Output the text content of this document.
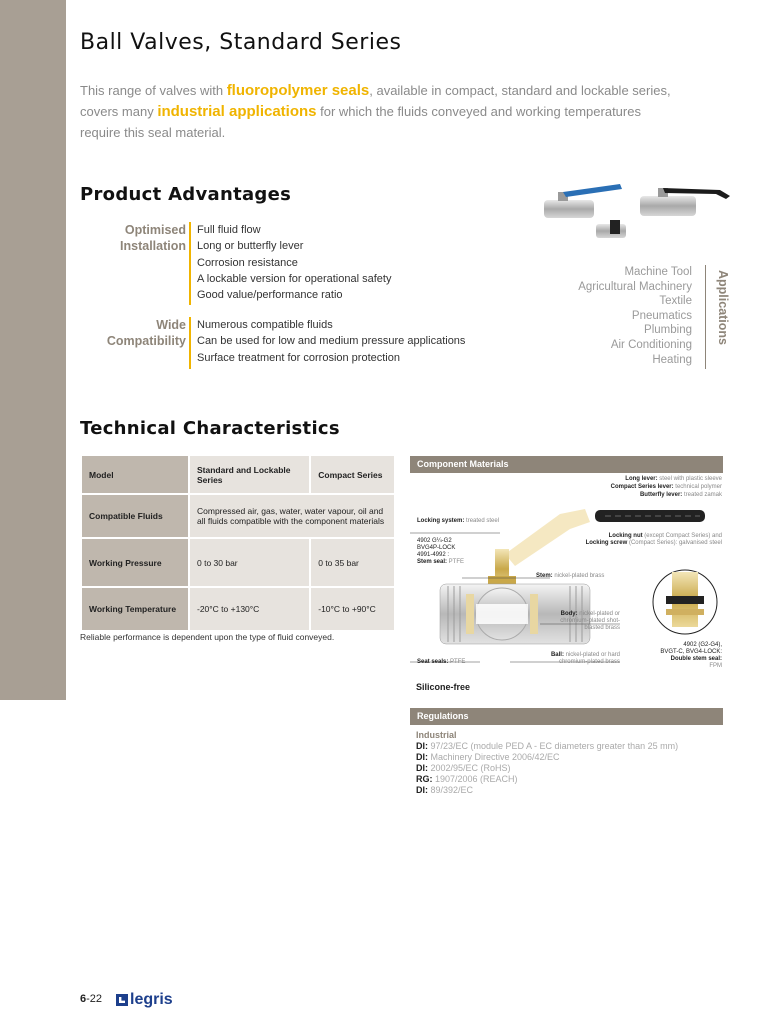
Ball Valves, Standard Series

This range of valves with fluoropolymer seals, available in compact, standard and lockable series, covers many industrial applications for which the fluids conveyed and working temperatures require this seal material.

Product Advantages
Optimised
Installation
Full fluid flow
Long or butterfly lever
Corrosion resistance
A lockable version for operational safety
Good value/performance ratio
Wide
Compatibility
Numerous compatible fluids
Can be used for low and medium pressure applications
Surface treatment for corrosion protection
Machine Tool
Agricultural Machinery
Textile
Pneumatics
Plumbing
Air Conditioning
Heating
Applications
Technical Characteristics
Model	Standard and Lockable Series	Compact Series
Compatible Fluids	Compressed air, gas, water, water vapour, oil and all fluids compatible with the component materials	
Working Pressure	0 to 30 bar	0 to 35 bar
Working Temperature	-20°C to +130°C	-10°C to +90°C
Reliable performance is dependent upon the type of fluid conveyed.
Component Materials
Long lever: steel with plastic sleeve
Compact Series lever: technical polymer
Butterfly lever: treated zamak
Locking system: treated steel
4902 G¼-G2
BVG4P-LOCK
4991-4992 :
Stem seal: PTFE
Locking nut (except Compact Series) and
Locking screw (Compact Series): galvanised steel
Stem: nickel-plated brass
Body: nickel-plated or
chromium-plated shot-
blasted brass
Ball: nickel-plated or hard
chromium-plated brass
Seat seals: PTFE
4902 (G2-G4),
BVGT-C, BVG4-LOCK:
Double stem seal:
FPM
Silicone-free
Regulations
Industrial
DI: 97/23/EC (module PED A - EC diameters greater than 25 mm)
DI: Machinery Directive 2006/42/EC
DI: 2002/95/EC (RoHS)
RG: 1907/2006 (REACH)
DI: 89/392/EC
6-22 legris
